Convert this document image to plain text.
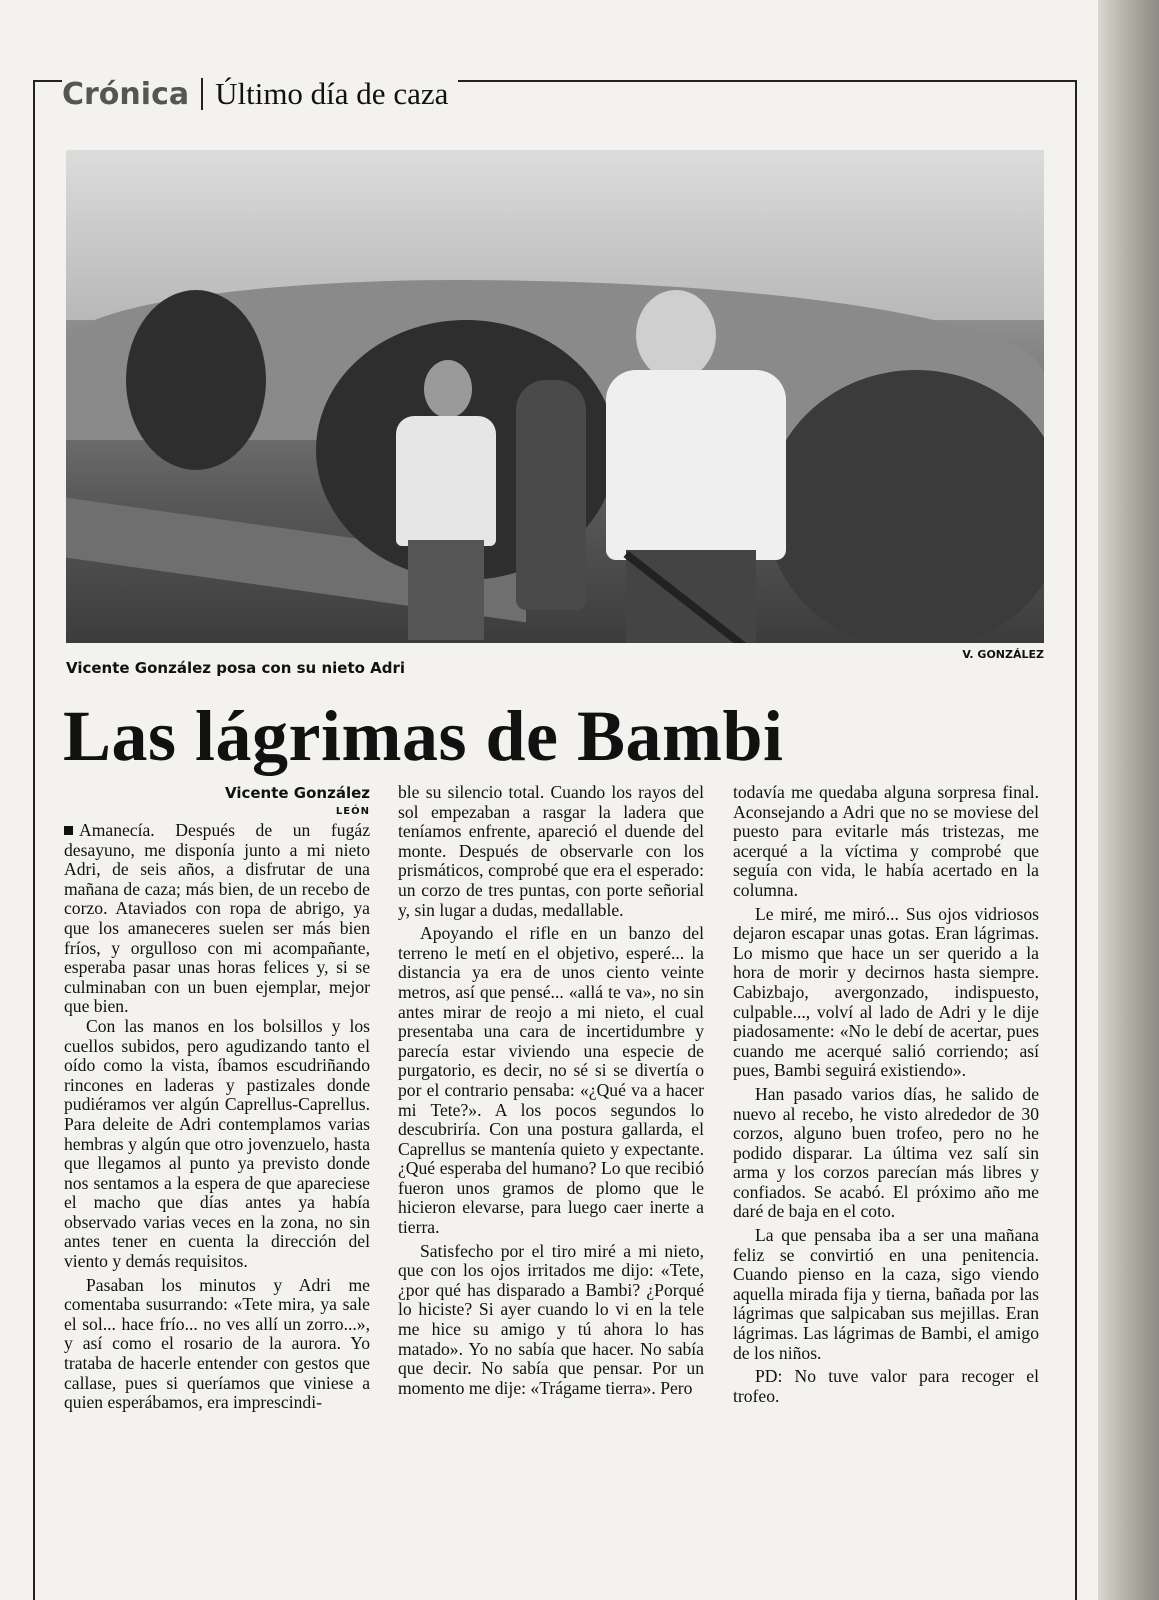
Crónica Último día de caza
V. GONZÁLEZ
Vicente González posa con su nieto Adri
Las lágrimas de Bambi
Vicente González
LEÓN

Amanecía. Después de un fugáz desayuno, me disponía junto a mi nieto Adri, de seis años, a disfrutar de una mañana de caza; más bien, de un recebo de corzo. Ataviados con ropa de abrigo, ya que los amaneceres suelen ser más bien fríos, y orgulloso con mi acompañante, esperaba pasar unas horas felices y, si se culminaban con un buen ejemplar, mejor que bien.

Con las manos en los bolsillos y los cuellos subidos, pero agudizando tanto el oído como la vista, íbamos escudriñando rincones en laderas y pastizales donde pudiéramos ver algún Caprellus-Caprellus. Para deleite de Adri contemplamos varias hembras y algún que otro jovenzuelo, hasta que llegamos al punto ya previsto donde nos sentamos a la espera de que apareciese el macho que días antes ya había observado varias veces en la zona, no sin antes tener en cuenta la dirección del viento y demás requisitos.

Pasaban los minutos y Adri me comentaba susurrando: «Tete mira, ya sale el sol... hace frío... no ves allí un zorro...», y así como el rosario de la aurora. Yo trataba de hacerle entender con gestos que callase, pues si queríamos que viniese a quien esperábamos, era imprescindi-

ble su silencio total. Cuando los rayos del sol empezaban a rasgar la ladera que teníamos enfrente, apareció el duende del monte. Después de observarle con los prismáticos, comprobé que era el esperado: un corzo de tres puntas, con porte señorial y, sin lugar a dudas, medallable.

Apoyando el rifle en un banzo del terreno le metí en el objetivo, esperé... la distancia ya era de unos ciento veinte metros, así que pensé... «allá te va», no sin antes mirar de reojo a mi nieto, el cual presentaba una cara de incertidumbre y parecía estar viviendo una especie de purgatorio, es decir, no sé si se divertía o por el contrario pensaba: «¿Qué va a hacer mi Tete?». A los pocos segundos lo descubriría. Con una postura gallarda, el Caprellus se mantenía quieto y expectante. ¿Qué esperaba del humano? Lo que recibió fueron unos gramos de plomo que le hicieron elevarse, para luego caer inerte a tierra.

Satisfecho por el tiro miré a mi nieto, que con los ojos irritados me dijo: «Tete, ¿por qué has disparado a Bambi? ¿Porqué lo hiciste? Si ayer cuando lo vi en la tele me hice su amigo y tú ahora lo has matado». Yo no sabía que hacer. No sabía que decir. No sabía que pensar. Por un momento me dije: «Trágame tierra». Pero

todavía me quedaba alguna sorpresa final. Aconsejando a Adri que no se moviese del puesto para evitarle más tristezas, me acerqué a la víctima y comprobé que seguía con vida, le había acertado en la columna.

Le miré, me miró... Sus ojos vidriosos dejaron escapar unas gotas. Eran lágrimas. Lo mismo que hace un ser querido a la hora de morir y decirnos hasta siempre. Cabizbajo, avergonzado, indispuesto, culpable..., volví al lado de Adri y le dije piadosamente: «No le debí de acertar, pues cuando me acerqué salió corriendo; así pues, Bambi seguirá existiendo».

Han pasado varios días, he salido de nuevo al recebo, he visto alrededor de 30 corzos, alguno buen trofeo, pero no he podido disparar. La última vez salí sin arma y los corzos parecían más libres y confiados. Se acabó. El próximo año me daré de baja en el coto.

La que pensaba iba a ser una mañana feliz se convirtió en una penitencia. Cuando pienso en la caza, sigo viendo aquella mirada fija y tierna, bañada por las lágrimas que salpicaban sus mejillas. Eran lágrimas. Las lágrimas de Bambi, el amigo de los niños.

PD: No tuve valor para recoger el trofeo.
